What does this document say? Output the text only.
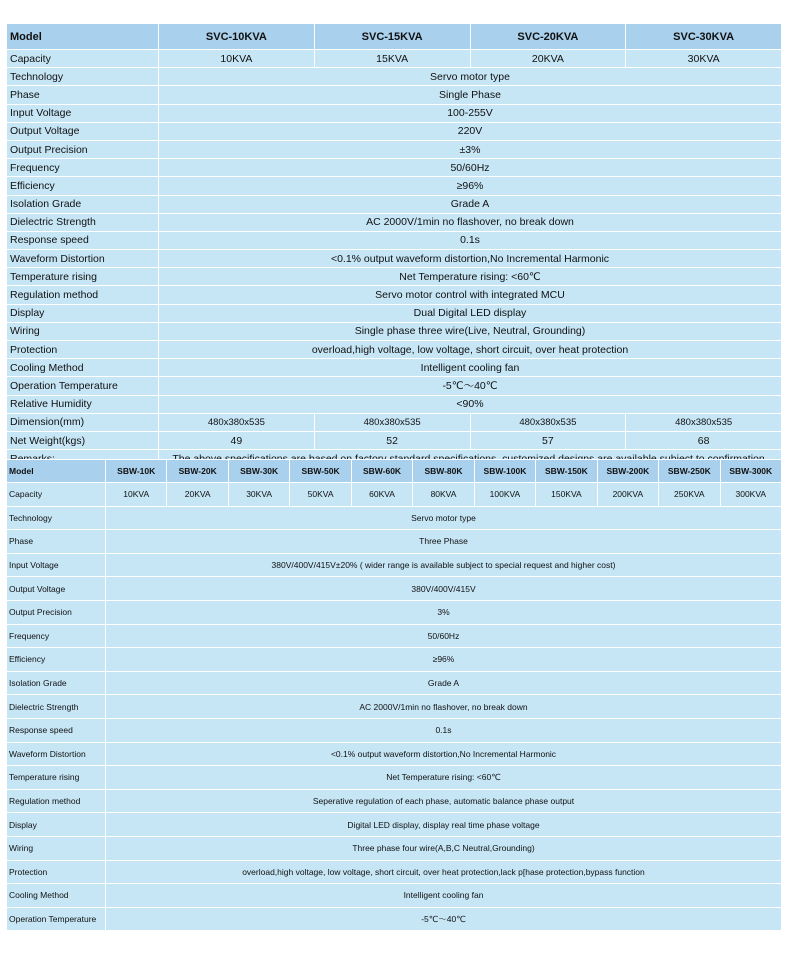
Model	SVC-10KVA	SVC-15KVA	SVC-20KVA	SVC-30KVA
Capacity	10KVA	15KVA	20KVA	30KVA
Technology	Servo motor type			
Phase	Single Phase			
Input Voltage	100-255V			
Output Voltage	220V			
Output Precision	±3%			
Frequency	50/60Hz			
Efficiency	≥96%			
Isolation Grade	Grade A			
Dielectric Strength	AC 2000V/1min no flashover, no break down			
Response speed	0.1s			
Waveform Distortion	<0.1% output waveform distortion,No Incremental Harmonic			
Temperature rising	Net Temperature rising: <60℃			
Regulation method	Servo motor control with integrated MCU			
Display	Dual Digital LED display			
Wiring	Single phase three wire(Live, Neutral, Grounding)			
Protection	overload,high voltage, low voltage, short circuit, over heat protection			
Cooling Method	Intelligent cooling fan			
Operation Temperature	-5℃～40℃			
Relative Humidity	<90%			
Dimension(mm)	480x380x535	480x380x535	480x380x535	480x380x535
Net Weight(kgs)	49	52	57	68

Model	SBW-10K	SBW-20K	SBW-30K	SBW-50K	SBW-60K	SBW-80K	SBW-100K	SBW-150K	SBW-200K	SBW-250K	SBW-300K
Capacity	10KVA	20KVA	30KVA	50KVA	60KVA	80KVA	100KVA	150KVA	200KVA	250KVA	300KVA
Technology	Servo motor type										
Phase	Three Phase										
Input Voltage	380V/400V/415V±20% ( wider range is available subject to special request and higher cost)										
Output Voltage	380V/400V/415V										
Output Precision	3%										
Frequency	50/60Hz										
Efficiency	≥96%										
Isolation Grade	Grade A										
Dielectric Strength	AC 2000V/1min no flashover, no break down										
Response speed	0.1s										
Waveform Distortion	<0.1% output waveform distortion,No Incremental Harmonic										
Temperature rising	Net Temperature rising: <60℃										
Regulation method	Seperative regulation of each phase, automatic balance phase output										
Display	Digital LED display, display real time phase voltage										
Wiring	Three phase four wire(A,B,C Neutral,Grounding)										
Protection	overload,high voltage, low voltage, short circuit, over heat protection,lack p[hase protection,bypass function										
Cooling Method	Intelligent cooling fan										
Operation Temperature	-5℃～40℃										
